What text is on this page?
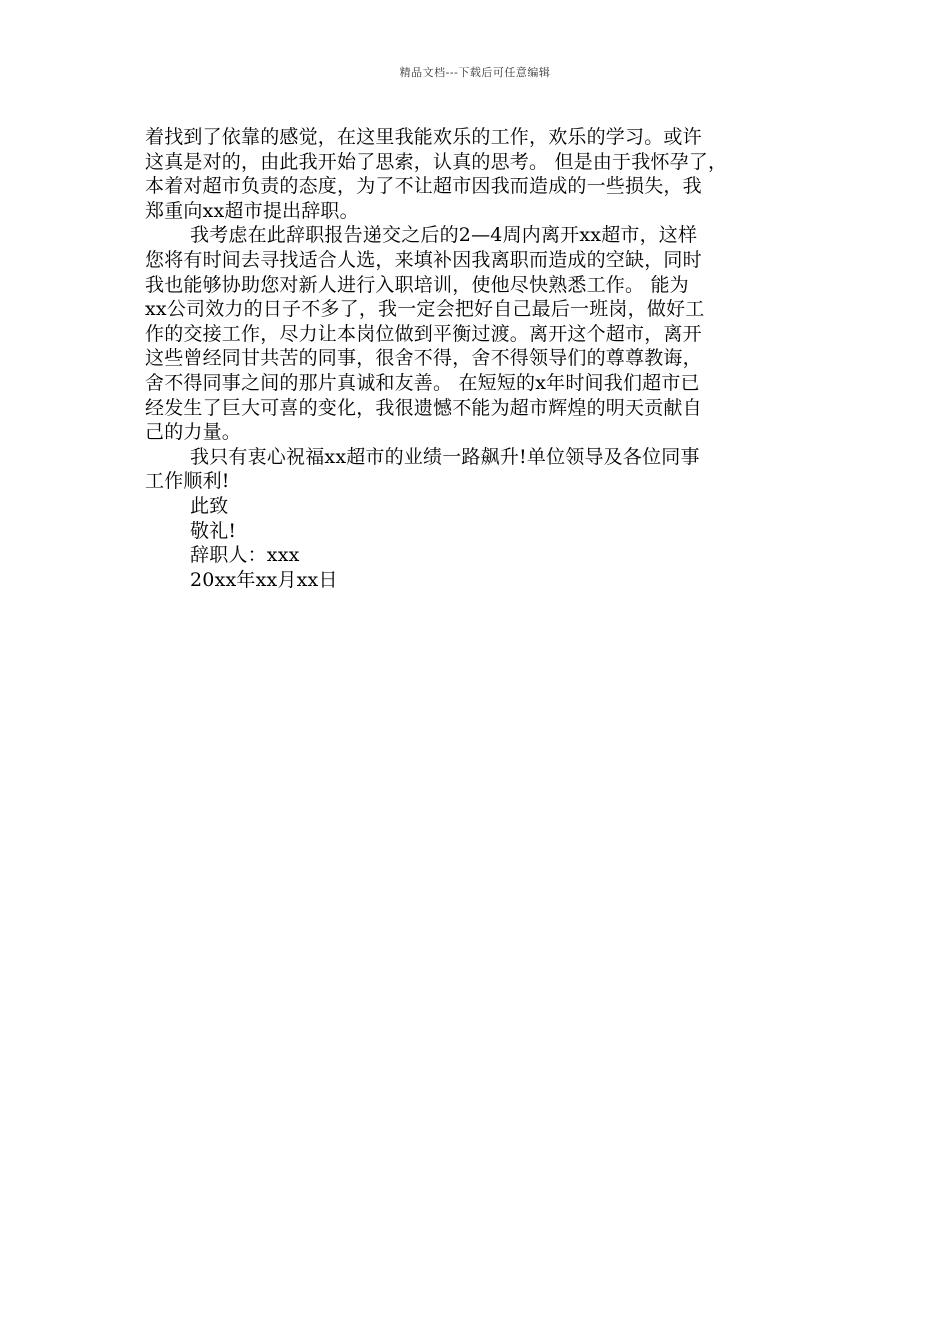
精品文档---下载后可任意编辑
着找到了依靠的感觉，在这里我能欢乐的工作，欢乐的学习。或许
这真是对的，由此我开始了思索，认真的思考。 但是由于我怀孕了，
本着对超市负责的态度，为了不让超市因我而造成的一些损失，我
郑重向xx超市提出辞职。
我考虑在此辞职报告递交之后的2—4周内离开xx超市，这样
您将有时间去寻找适合人选，来填补因我离职而造成的空缺，同时
我也能够协助您对新人进行入职培训，使他尽快熟悉工作。 能为
xx公司效力的日子不多了，我一定会把好自己最后一班岗，做好工
作的交接工作，尽力让本岗位做到平衡过渡。离开这个超市，离开
这些曾经同甘共苦的同事，很舍不得，舍不得领导们的尊尊教诲，
舍不得同事之间的那片真诚和友善。 在短短的x年时间我们超市已
经发生了巨大可喜的变化，我很遗憾不能为超市辉煌的明天贡献自
己的力量。
我只有衷心祝福xx超市的业绩一路飙升!单位领导及各位同事
工作顺利!
此致
敬礼!
辞职人：xxx
20xx年xx月xx日
